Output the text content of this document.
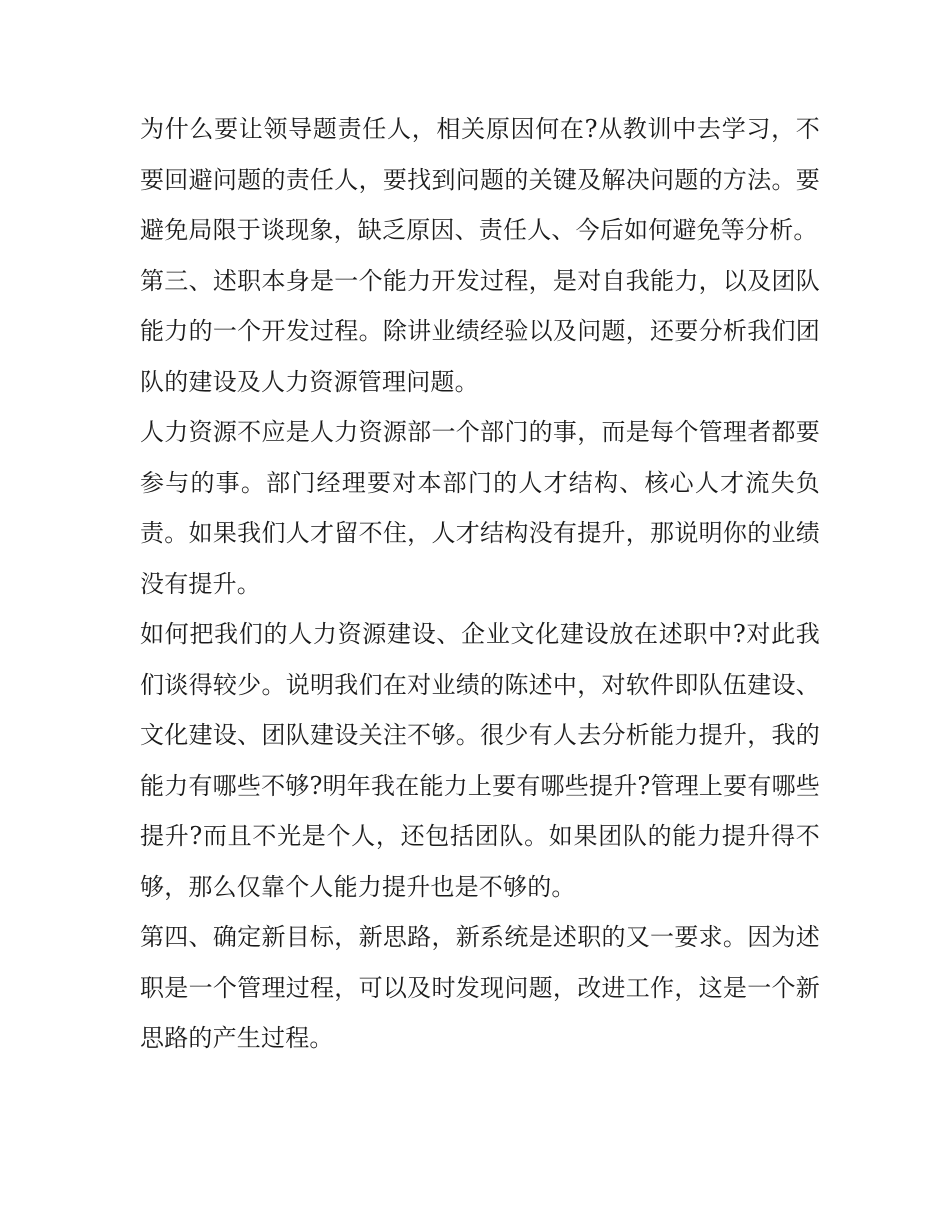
为什么要让领导题责任人，相关原因何在?从教训中去学习，不要回避问题的责任人，要找到问题的关键及解决问题的方法。要避免局限于谈现象，缺乏原因、责任人、今后如何避免等分析。

第三、述职本身是一个能力开发过程，是对自我能力，以及团队能力的一个开发过程。除讲业绩经验以及问题，还要分析我们团队的建设及人力资源管理问题。

人力资源不应是人力资源部一个部门的事，而是每个管理者都要参与的事。部门经理要对本部门的人才结构、核心人才流失负责。如果我们人才留不住，人才结构没有提升，那说明你的业绩没有提升。

如何把我们的人力资源建设、企业文化建设放在述职中?对此我们谈得较少。说明我们在对业绩的陈述中，对软件即队伍建设、文化建设、团队建设关注不够。很少有人去分析能力提升，我的能力有哪些不够?明年我在能力上要有哪些提升?管理上要有哪些提升?而且不光是个人，还包括团队。如果团队的能力提升得不够，那么仅靠个人能力提升也是不够的。

第四、确定新目标，新思路，新系统是述职的又一要求。因为述职是一个管理过程，可以及时发现问题，改进工作，这是一个新思路的产生过程。
